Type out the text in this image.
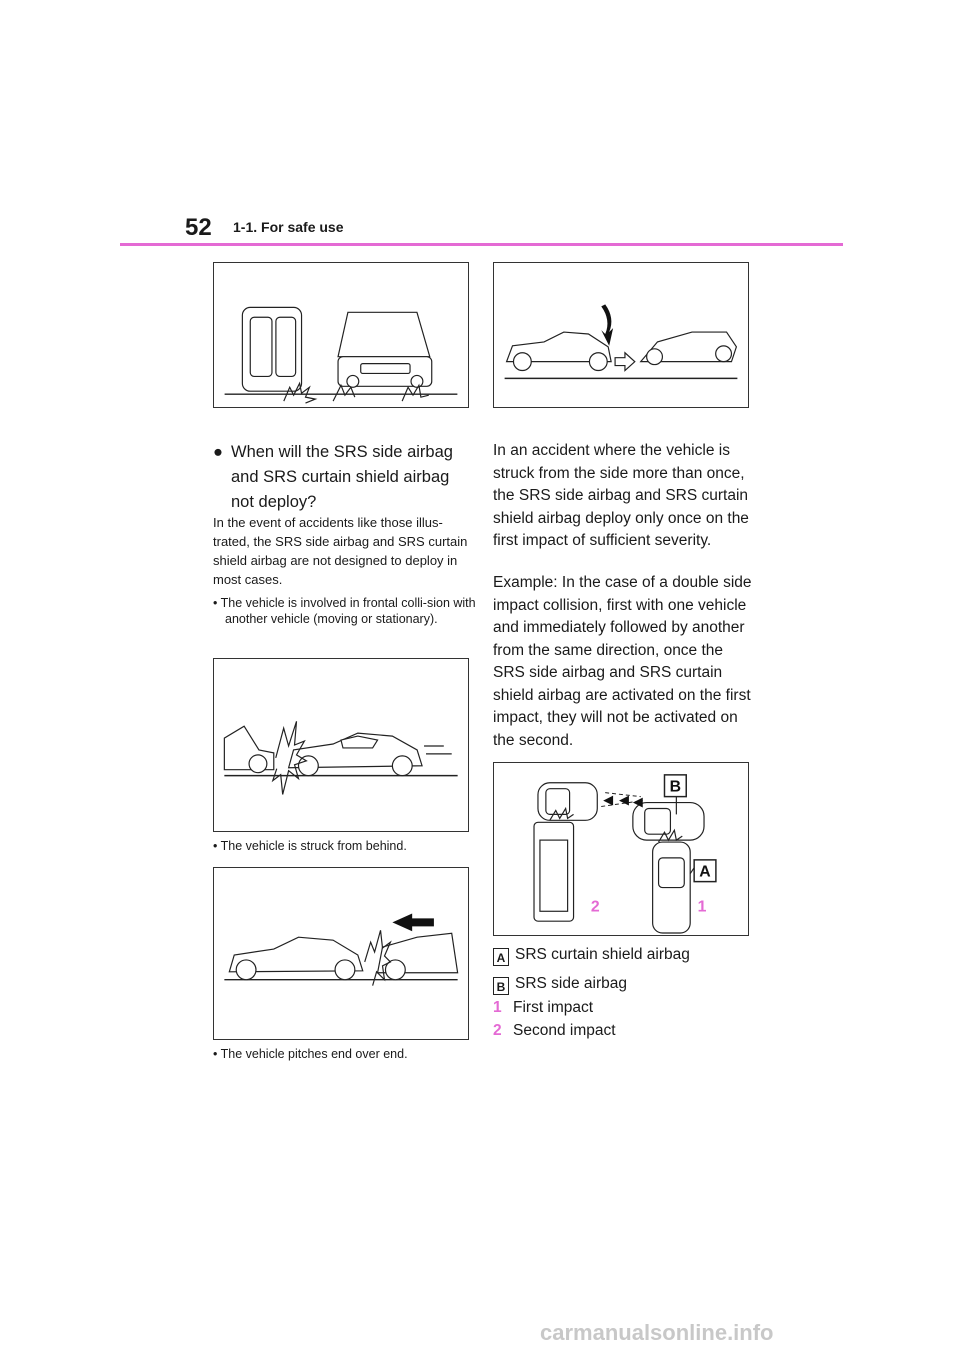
52 1-1. For safe use
● When will the SRS side airbag and SRS curtain shield airbag not deploy?
In the event of accidents like those illus-trated, the SRS side airbag and SRS curtain shield airbag are not designed to deploy in most cases.
• The vehicle is involved in frontal colli-sion with another vehicle (moving or stationary).
• The vehicle is struck from behind.
• The vehicle pitches end over end.
In an accident where the vehicle is struck from the side more than once, the SRS side airbag and SRS curtain shield airbag deploy only once on the first impact of sufficient severity.
Example: In the case of a double side impact collision, first with one vehicle and immediately followed by another from the same direction, once the SRS side airbag and SRS curtain shield airbag are activated on the first impact, they will not be activated on the second.
B
A
2	1
A SRS curtain shield airbag
B SRS side airbag
1 First impact
2 Second impact
carmanualsonline.info
